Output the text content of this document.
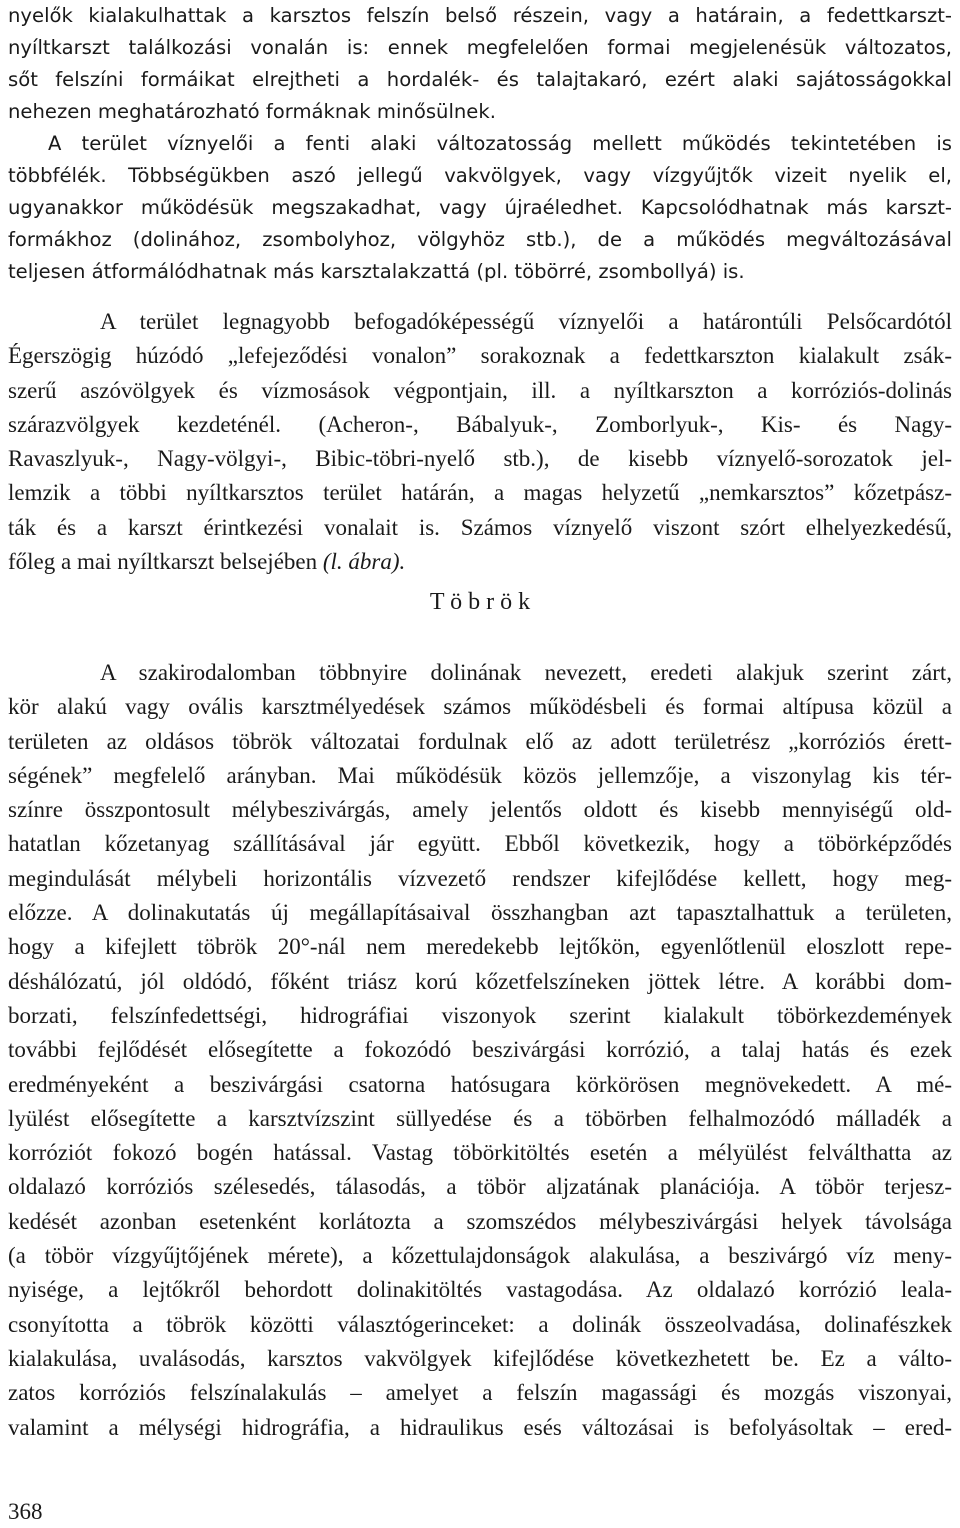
nyelők kialakulhattak a karsztos felszín belső részein, vagy a határain, a fedettkarszt-
nyíltkarszt találkozási vonalán is: ennek megfelelően formai megjelenésük változatos,
sőt felszíni formáikat elrejtheti a hordalék- és talajtakaró, ezért alaki sajátosságokkal
nehezen meghatározható formáknak minősülnek.
A terület víznyelői a fenti alaki változatosság mellett működés tekintetében is
többfélék. Többségükben aszó jellegű vakvölgyek, vagy vízgyűjtők vizeit nyelik el,
ugyanakkor működésük megszakadhat, vagy újraéledhet. Kapcsolódhatnak más karszt-
formákhoz (dolinához, zsombolyhoz, völgyhöz stb.), de a működés megváltozásával
teljesen átformálódhatnak más karsztalakzattá (pl. töbörré, zsombollyá) is.
A terület legnagyobb befogadóképességű víznyelői a határontúli Pelsőcardótól
Égerszögig húzódó „lefejeződési vonalon” sorakoznak a fedettkarszton kialakult zsák-
szerű aszóvölgyek és vízmosások végpontjain, ill. a nyíltkarszton a korróziós-dolinás
szárazvölgyek kezdeténél. (Acheron-, Bábalyuk-, Zomborlyuk-, Kis- és Nagy-
Ravaszlyuk-, Nagy-völgyi-, Bibic-töbri-nyelő stb.), de kisebb víznyelő-sorozatok jel-
lemzik a többi nyíltkarsztos terület határán, a magas helyzetű „nemkarsztos” kőzetpász-
ták és a karszt érintkezési vonalait is. Számos víznyelő viszont szórt elhelyezkedésű,
főleg a mai nyíltkarszt belsejében (l. ábra).
T ö b r ö k
A szakirodalomban többnyire dolinának nevezett, eredeti alakjuk szerint zárt,
kör alakú vagy ovális karsztmélyedések számos működésbeli és formai altípusa közül a
területen az oldásos töbrök változatai fordulnak elő az adott területrész „korróziós érett-
ségének” megfelelő arányban. Mai működésük közös jellemzője, a viszonylag kis tér-
színre összpontosult mélybeszivárgás, amely jelentős oldott és kisebb mennyiségű old-
hatatlan kőzetanyag szállításával jár együtt. Ebből következik, hogy a töbörképződés
megindulását mélybeli horizontális vízvezető rendszer kifejlődése kellett, hogy meg-
előzze. A dolinakutatás új megállapításaival összhangban azt tapasztalhattuk a területen,
hogy a kifejlett töbrök 20°-nál nem meredekebb lejtőkön, egyenlőtlenül eloszlott repe-
déshálózatú, jól oldódó, főként triász korú kőzetfelszíneken jöttek létre. A korábbi dom-
borzati, felszínfedettségi, hidrográfiai viszonyok szerint kialakult töbörkezdemények
további fejlődését elősegítette a fokozódó beszivárgási korrózió, a talaj hatás és ezek
eredményeként a beszivárgási csatorna hatósugara körkörösen megnövekedett. A mé-
lyülést elősegítette a karsztvízszint süllyedése és a töbörben felhalmozódó málladék a
korróziót fokozó bogén hatással. Vastag töbörkitöltés esetén a mélyülést felválthatta az
oldalazó korróziós szélesedés, tálasodás, a töbör aljzatának planációja. A töbör terjesz-
kedését azonban esetenként korlátozta a szomszédos mélybeszivárgási helyek távolsága
(a töbör vízgyűjtőjének mérete), a kőzettulajdonságok alakulása, a beszivárgó víz meny-
nyisége, a lejtőkről behordott dolinakitöltés vastagodása. Az oldalazó korrózió leala-
csonyította a töbrök közötti választógerinceket: a dolinák összeolvadása, dolinafészkek
kialakulása, uvalásodás, karsztos vakvölgyek kifejlődése következhetett be. Ez a válto-
zatos korróziós felszínalakulás – amelyet a felszín magassági és mozgás viszonyai,
valamint a mélységi hidrográfia, a hidraulikus esés változásai is befolyásoltak – ered-
368
